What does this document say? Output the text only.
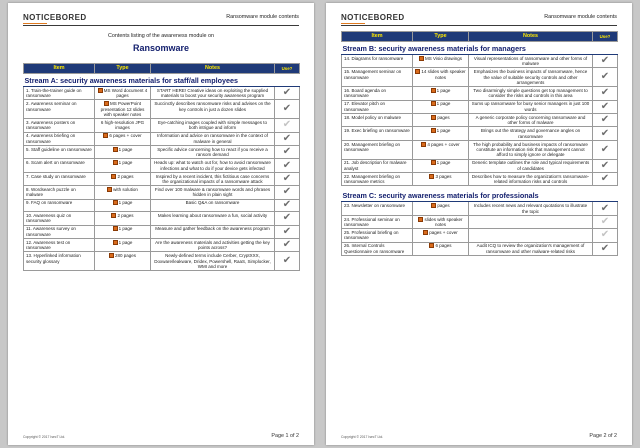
NOTICEBORED	Ransomware module contents
Contents listing of the awareness module on
Ransomware
Item	Type	Notes	Use?
Stream A: security awareness materials for staff/all employees			
1. Train-the-trainer guide on ransomware	MS Word document 4 pages	START HERE! Creative ideas on exploiting the supplied materials to boost your security awareness program	✔
2. Awareness seminar on ransomware	MS PowerPoint presentation 12 slides with speaker notes	Succinctly describes ransomware risks and advises on the key controls in just a dozen slides	✔
3. Awareness posters on ransomware	6 high-resolution JPG images	Eye-catching images coupled with simple messages to both intrigue and inform	✔
4. Awareness briefing on ransomware	6 pages + cover	Information and advice on ransomware in the context of malware in general	✔
5. Staff guideline on ransomware	1 page	Specific advice concerning how to react if you receive a ransom demand	✔
6. Scam alert on ransomware	1 page	Heads up: what to watch out for, how to avoid ransomware infections and what to do if your device gets infected	✔
7. Case study on ransomware	2 pages	Inspired by a recent incident, this fictitious case concerns the organizational impacts of a ransomware attack	✔
8. Wordsearch puzzle on malware	with solution	Find over 100 malware & ransomware words and phrases hidden in plain sight	✔
9. FAQ on ransomware	1 page	Basic Q&A on ransomware	✔
10. Awareness quiz on ransomware	2 pages	Makes learning about ransomware a fun, social activity	✔
11. Awareness survey on ransomware	1 page	Measure and gather feedback on the awareness program	✔
12. Awareness test on ransomware	1 page	Are the awareness materials and activities getting the key points across?	✔
13. Hyperlinked information security glossary	280 pages	Newly-defined terms include Cerber, CryptXXX, Doxware/leakware, Dridex, Powershell, RaaS, Simplocker, WMI and more	✔
Copyright © 2017 IsecT Ltd.	Page 1 of 2
NOTICEBORED	Ransomware module contents
Item	Type	Notes	Use?
Stream B: security awareness materials for managers			
14. Diagrams for ransomware	MS Visio drawings	Visual representations of ransomware and other forms of malware	✔
15. Management seminar on ransomware	14 slides with speaker notes	Emphasizes the business impacts of ransomware, hence the value of suitable security controls and other arrangements	✔
16. Board agenda on ransomware	1 page	Two disarmingly simple questions get top management to consider the risks and controls in this area	✔
17. Elevator pitch on ransomware	1 page	Sums up ransomware for busy senior managers in just 100 words	✔
18. Model policy on malware	pages	A generic corporate policy concerning ransomware and other forms of malware	✔
19. Exec briefing on ransomware	1 page	Brings out the strategy and governance angles on ransomware	✔
20. Management briefing on ransomware	4 pages + cover	The high probability and business impacts of ransomware constitute an information risk that management cannot afford to simply ignore or delegate	✔
21. Job description for malware analyst	1 page	Generic template outlines the role and typical requirements of candidates	✔
22. Management briefing on ransomware metrics	3 pages	Describes how to measure the organization's ransomware-related information risks and controls	✔
Stream C: security awareness materials for professionals			
23. Newsletter on ransomware	pages	Includes recent news and relevant quotations to illustrate the topic	✔
24. Professional seminar on ransomware	slides with speaker notes		✔
25. Professional briefing on ransomware	pages + cover		✔
26. Internal Controls Questionnaire on ransomware	6 pages	Audit ICQ to review the organization's management of ransomware and other malware-related risks	✔
Copyright © 2017 IsecT Ltd.	Page 2 of 2
